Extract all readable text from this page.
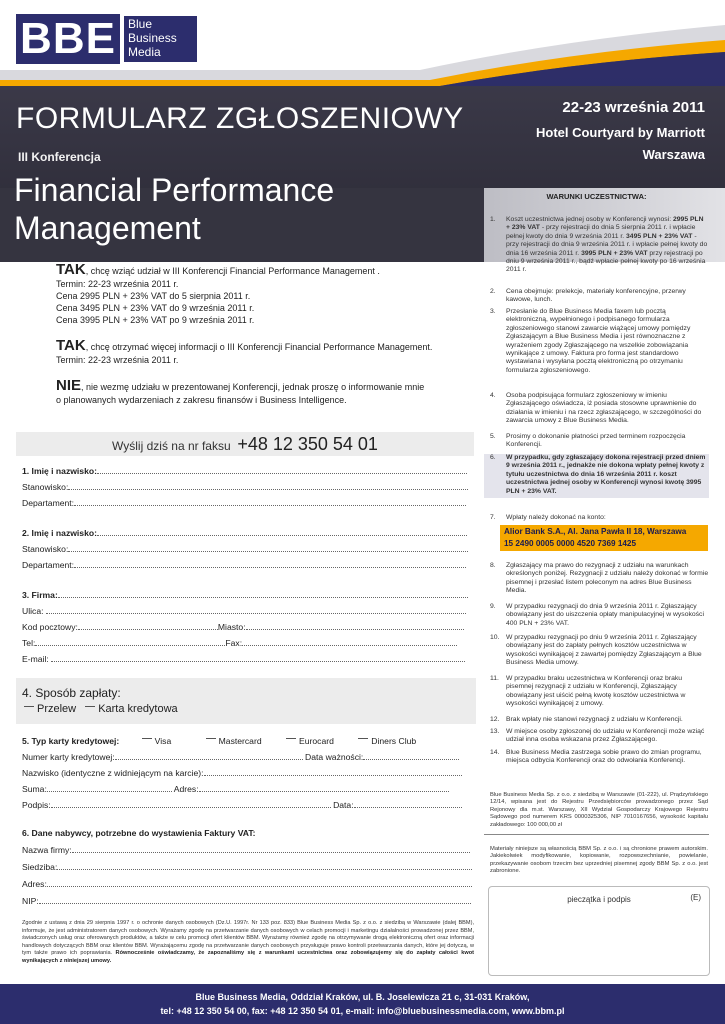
BBE	Blue
Business
Media
FORMULARZ ZGŁOSZENIOWY
III Konferencja
Financial Performance
Management
22-23 września 2011
Hotel Courtyard by Marriott
Warszawa
TAK, chcę wziąć udział w III Konferencji Financial Performance Management .
Termin: 22-23 września 2011 r.
Cena 2995 PLN + 23% VAT do 5 sierpnia 2011 r.
Cena 3495 PLN + 23% VAT do 9 września 2011 r.
Cena 3995 PLN + 23% VAT po 9 września 2011 r.
TAK, chcę otrzymać więcej informacji o III Konferencji Financial Performance Management.
Termin: 22-23 września 2011 r.
NIE, nie wezmę udziału w prezentowanej Konferencji, jednak proszę o informowanie mnie
o planowanych wydarzeniach z zakresu finansów i Business Intelligence.
Wyślij dziś na nr faksu +48 12 350 54 01
1. Imię i nazwisko:
Stanowisko:
Departament:
2. Imię i nazwisko:
Stanowisko:
Departament:
3. Firma:
Ulica:
Kod pocztowy:	Miasto:
Tel:	Fax:
E-mail:
4. Sposób zapłaty:
Przelew Karta kredytowa
5. Typ karty kredytowej:	Visa	Mastercard	Eurocard	Diners Club
Numer karty kredytowej:	Data ważności:
Nazwisko (identyczne z widniejącym na karcie):
Suma:	Adres:
Podpis:	Data:
6. Dane nabywcy, potrzebne do wystawienia Faktury VAT:
Nazwa firmy:
Siedziba:
Adres:
NIP:
Zgodnie z ustawą z dnia 29 sierpnia 1997 r. o ochronie danych osobowych (Dz.U. 1997r. Nr 133 poz. 833) Blue Business Media Sp. z o.o. z siedzibą w Warszawie (dalej BBM), informuje, że jest administratorem danych osobowych. Wyrażamy zgodę na przetwarzanie danych osobowych w celach promocji i marketingu działalności prowadzonej przez BBM, świadczonych usług oraz oferowanych produktów, a także w celu promocji ofert klientów BBM. Wyrażamy również zgodę na otrzymywanie drogą elektroniczną ofert oraz informacji handlowych dotyczących BBM oraz klientów BBM. Wyrażającemu zgodę na przetwarzanie danych osobowych przysługuje prawo kontroli przetwarzania danych, które jej dotyczą, w tym także prawo ich poprawiania. Równocześnie oświadczamy, że zapoznaliśmy się z warunkami uczestnictwa oraz zobowiązujemy się do zapłaty całości kwot wynikających z niniejszej umowy.
WARUNKI UCZESTNICTWA:
1. Koszt uczestnictwa jednej osoby w Konferencji wynosi: 2995 PLN + 23% VAT - przy rejestracji do dnia 5 sierpnia 2011 r. i wpłacie pełnej kwoty do dnia 9 września 2011 r. 3495 PLN + 23% VAT - przy rejestracji do dnia 9 września 2011 r. i wpłacie pełnej kwoty do dnia 16 września 2011 r. 3995 PLN + 23% VAT przy rejestracji po dniu 9 września 2011 r., bądź wpłacie pełnej kwoty po 16 września 2011 r.
2. Cena obejmuje: prelekcje, materiały konferencyjne, przerwy kawowe, lunch.
3. Przesłanie do Blue Business Media faxem lub pocztą elektroniczną, wypełnionego i podpisanego formularza zgłoszeniowego stanowi zawarcie wiążącej umowy pomiędzy Zgłaszającym a Blue Business Media i jest równoznaczne z wyrażeniem zgody Zgłaszającego na wszelkie zobowiązania wynikające z umowy. Faktura pro forma jest standardowo wystawiana i wysyłana pocztą elektroniczną po otrzymaniu formularza zgłoszeniowego.
4. Osoba podpisująca formularz zgłoszeniowy w imieniu Zgłaszającego oświadcza, iż posiada stosowne uprawnienie do działania w imieniu i na rzecz zgłaszającego, w szczególności do zawarcia umowy z Blue Business Media.
5. Prosimy o dokonanie płatności przed terminem rozpoczęcia Konferencji.
6. W przypadku, gdy zgłaszający dokona rejestracji przed dniem 9 września 2011 r., jednakże nie dokona wpłaty pełnej kwoty z tytułu uczestnictwa do dnia 16 września 2011 r. koszt uczestnictwa jednej osoby w Konferencji wynosi kwotę 3995 PLN + 23% VAT.
7. Wpłaty należy dokonać na konto:
Alior Bank S.A., Al. Jana Pawła II 18, Warszawa
15 2490 0005 0000 4520 7369 1425
8. Zgłaszający ma prawo do rezygnacji z udziału na warunkach określonych poniżej. Rezygnacji z udziału należy dokonać w formie pisemnej i przesłać listem poleconym na adres Blue Business Media.
9. W przypadku rezygnacji do dnia 9 września 2011 r. Zgłaszający obowiązany jest do uiszczenia opłaty manipulacyjnej w wysokości 400 PLN + 23% VAT.
10. W przypadku rezygnacji po dniu 9 września 2011 r. Zgłaszający obowiązany jest do zapłaty pełnych kosztów uczestnictwa w wysokości wynikającej z zawartej pomiędzy Zgłaszającym a Blue Business Media umowy.
11. W przypadku braku uczestnictwa w Konferencji oraz braku pisemnej rezygnacji z udziału w Konferencji, Zgłaszający obowiązany jest uiścić pełną kwotę kosztów uczestnictwa w wysokości wynikającej z umowy.
12. Brak wpłaty nie stanowi rezygnacji z udziału w Konferencji.
13. W miejsce osoby zgłoszonej do udziału w Konferencji może wziąć udział inna osoba wskazana przez Zgłaszającego.
14. Blue Business Media zastrzega sobie prawo do zmian programu, miejsca odbycia Konferencji oraz do odwołania Konferencji.
Blue Business Media Sp. z o.o. z siedzibą w Warszawie (01-222), ul. Prądzyńskiego 12/14, wpisana jest do Rejestru Przedsiębiorców prowadzonego przez Sąd Rejonowy dla m.st. Warszawy, XII Wydział Gospodarczy Krajowego Rejestru Sądowego pod numerem KRS 0000325306, NIP 7010167656, wysokość kapitału zakładowego: 100 000,00 zł
Materiały niniejsze są własnością BBM Sp. z o.o. i są chronione prawem autorskim. Jakiekolwiek modyfikowanie, kopiowanie, rozpowszechnianie, powielanie, przekazywanie osobom trzecim bez uprzedniej pisemnej zgody BBM Sp. z o.o. jest zabronione.
pieczątka i podpis	(E)
Blue Business Media, Oddział Kraków, ul. B. Joselewicza 21 c, 31-031 Kraków,
tel: +48 12 350 54 00, fax: +48 12 350 54 01, e-mail: info@bluebusinessmedia.com, www.bbm.pl
